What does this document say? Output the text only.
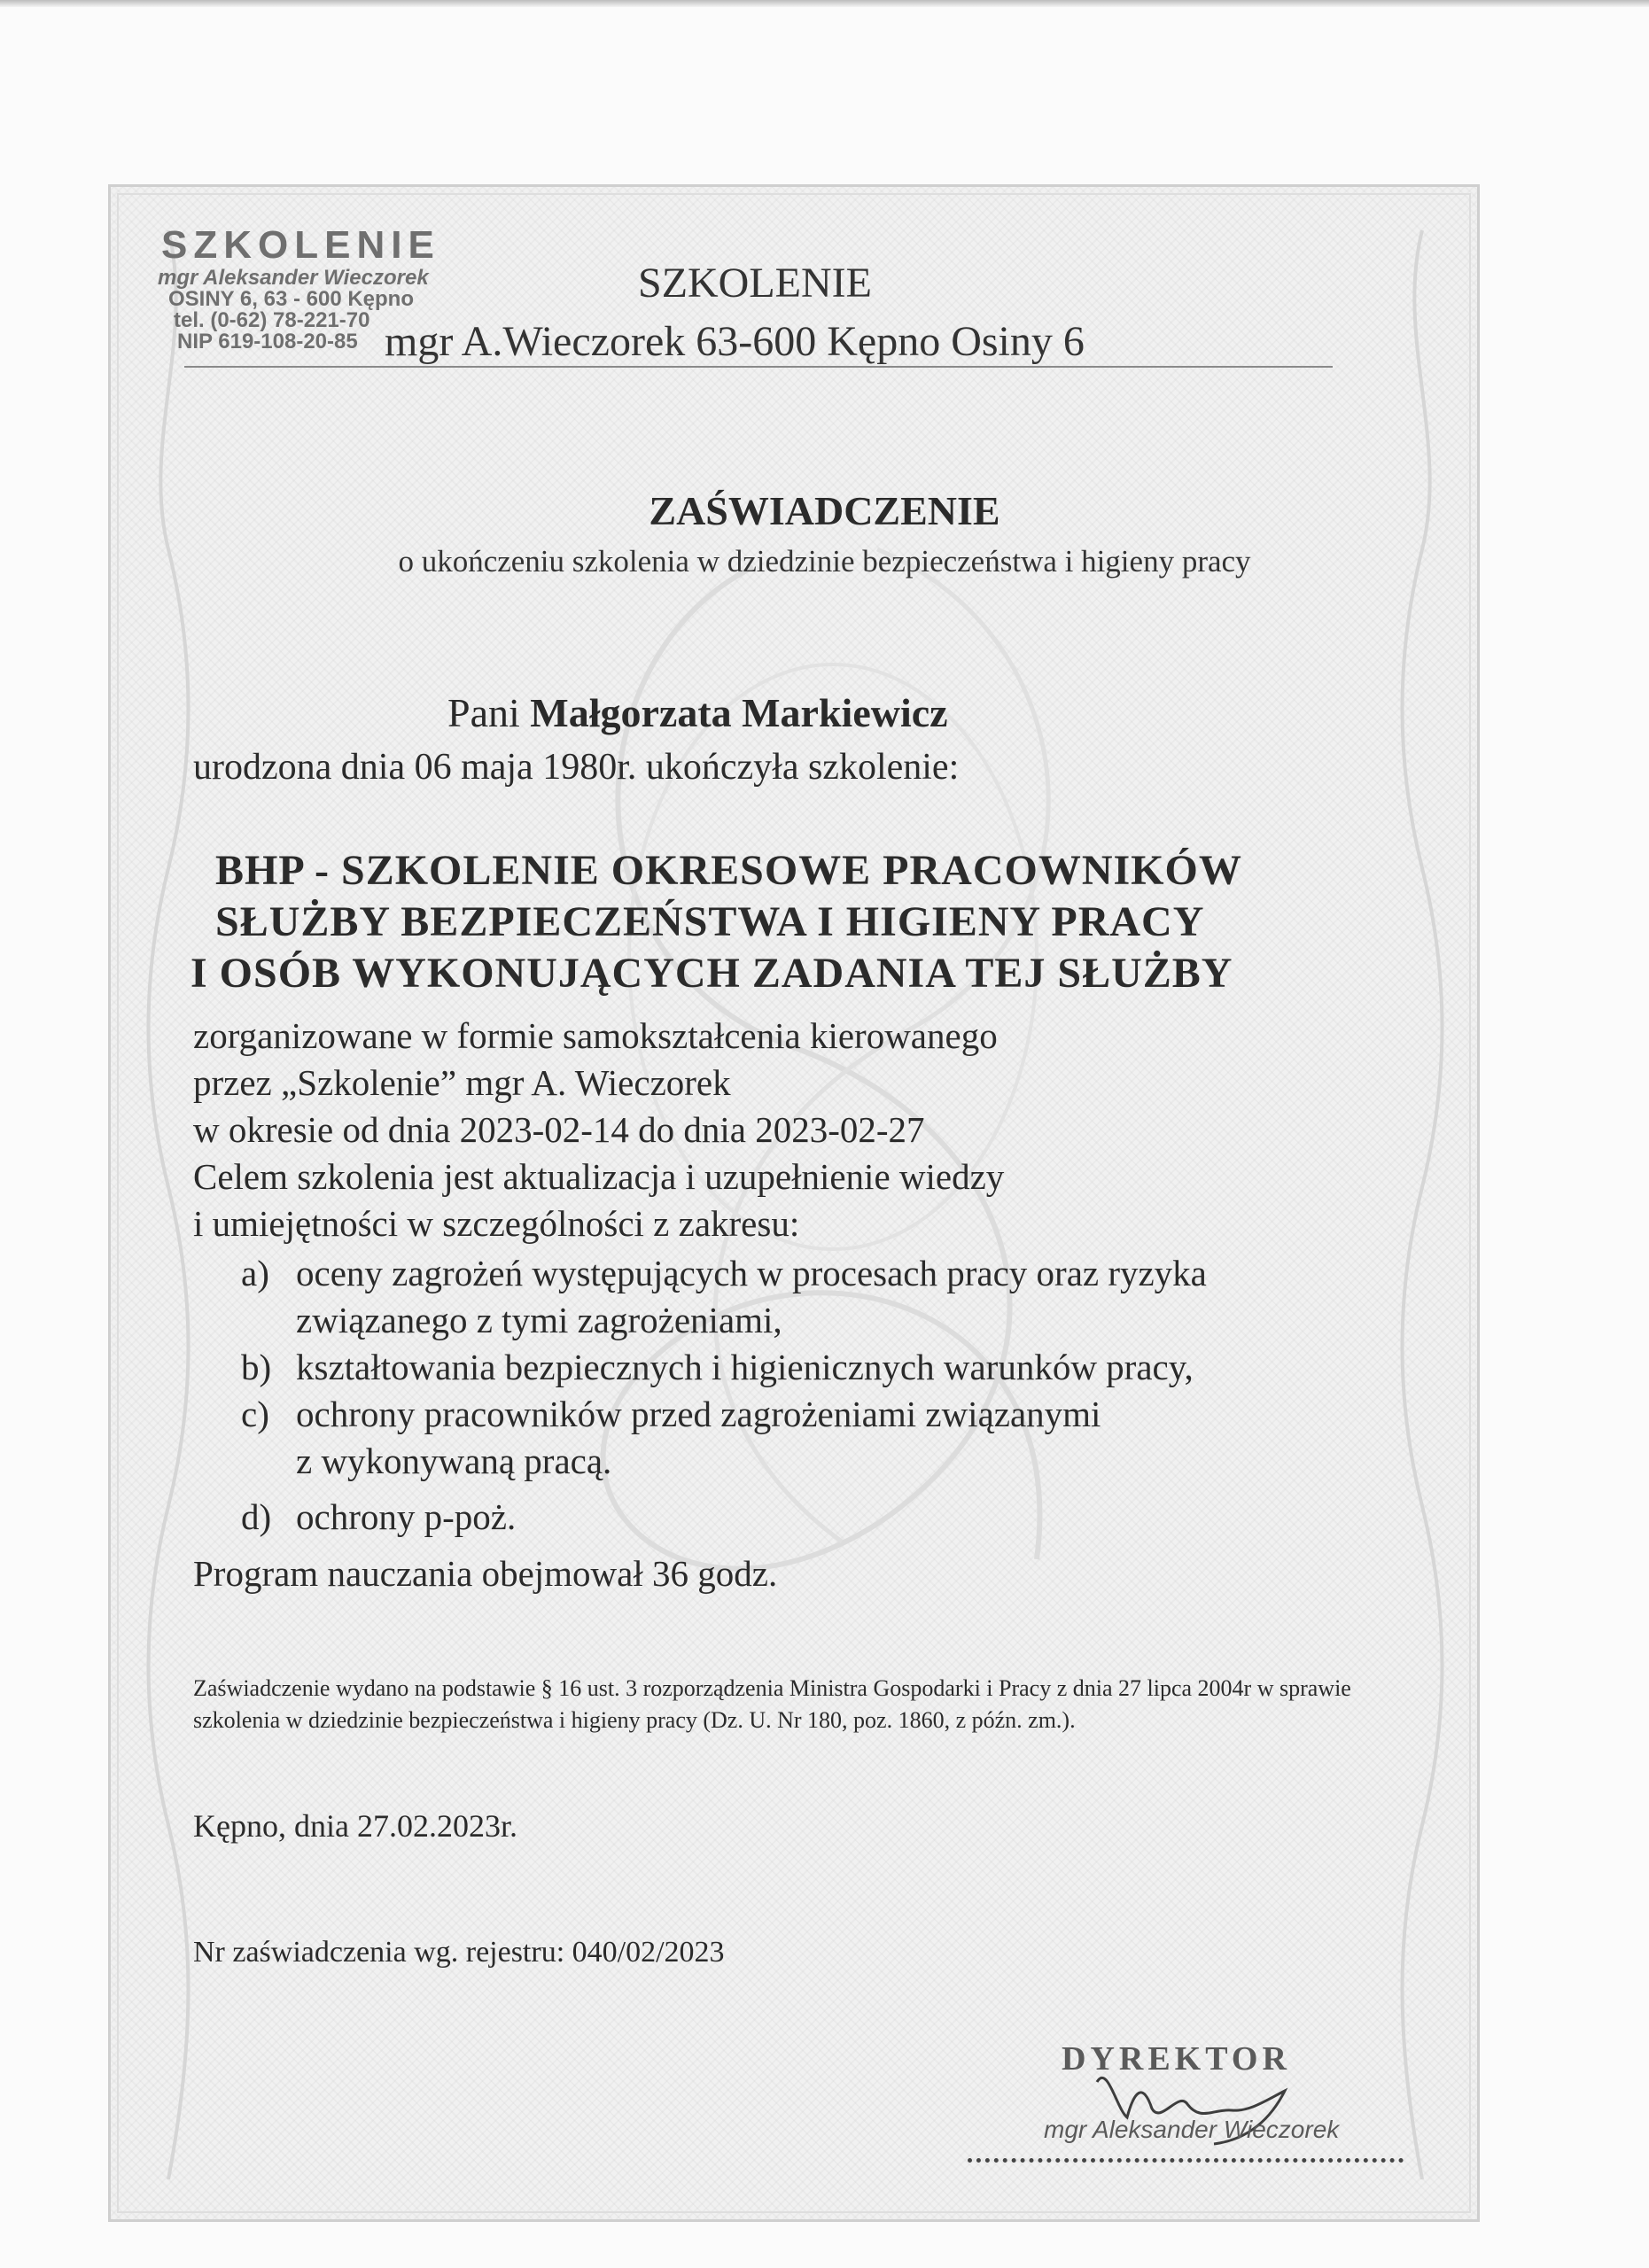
SZKOLENIE
mgr Aleksander Wieczorek
OSINY 6, 63 - 600 Kępno
tel. (0-62) 78-221-70
NIP 619-108-20-85
SZKOLENIE
mgr A.Wieczorek 63-600 Kępno Osiny 6
ZAŚWIADCZENIE
o ukończeniu szkolenia w dziedzinie bezpieczeństwa i higieny pracy
Pani Małgorzata Markiewicz
urodzona dnia 06 maja 1980r. ukończyła szkolenie:
BHP - SZKOLENIE OKRESOWE PRACOWNIKÓW
SŁUŻBY BEZPIECZEŃSTWA I HIGIENY PRACY
I OSÓB WYKONUJĄCYCH ZADANIA TEJ SŁUŻBY
zorganizowane w formie samokształcenia kierowanego
przez „Szkolenie” mgr A. Wieczorek
w okresie od dnia 2023-02-14 do dnia 2023-02-27
Celem szkolenia jest aktualizacja i uzupełnienie wiedzy
i umiejętności w szczególności z zakresu:
a) oceny zagrożeń występujących w procesach pracy oraz ryzyka
związanego z tymi zagrożeniami,
b) kształtowania bezpiecznych i higienicznych warunków pracy,
c) ochrony pracowników przed zagrożeniami związanymi
z wykonywaną pracą.
d) ochrony p-poż.
Program nauczania obejmował 36 godz.
Zaświadczenie wydano na podstawie § 16 ust. 3 rozporządzenia Ministra Gospodarki i Pracy z dnia 27 lipca 2004r w sprawie szkolenia w dziedzinie bezpieczeństwa i higieny pracy (Dz. U. Nr 180, poz. 1860, z późn. zm.).
Kępno, dnia 27.02.2023r.
Nr zaświadczenia wg. rejestru: 040/02/2023
DYREKTOR
mgr Aleksander Wieczorek
